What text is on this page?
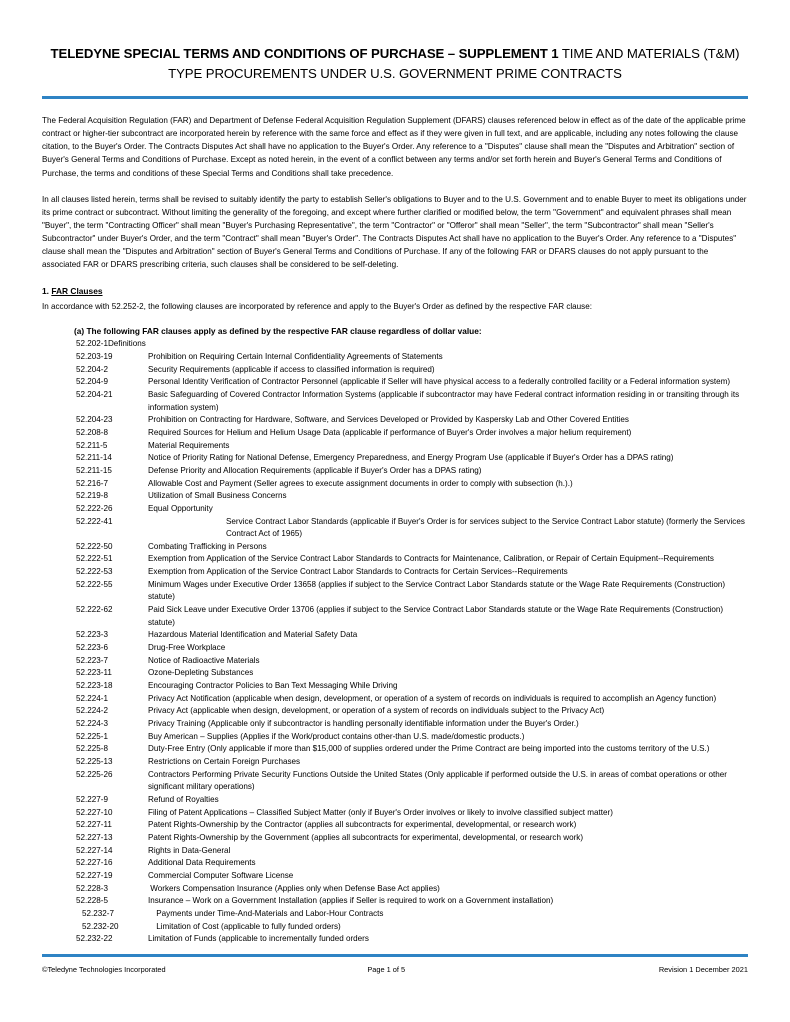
TELEDYNE SPECIAL TERMS AND CONDITIONS OF PURCHASE – SUPPLEMENT 1 TIME AND MATERIALS (T&M) TYPE PROCUREMENTS UNDER U.S. GOVERNMENT PRIME CONTRACTS

The Federal Acquisition Regulation (FAR) and Department of Defense Federal Acquisition Regulation Supplement (DFARS) clauses referenced below in effect as of the date of the applicable prime contract or higher-tier subcontract are incorporated herein by reference with the same force and effect as if they were given in full text, and are applicable, including any notes following the clause citation, to the Buyer's Order. The Contracts Disputes Act shall have no application to the Buyer's Order. Any reference to a "Disputes" clause shall mean the "Disputes and Arbitration" section of Buyer's General Terms and Conditions of Purchase. Except as noted herein, in the event of a conflict between any terms and/or set forth herein and Buyer's General Terms and Conditions of Purchase, the terms and conditions of these Special Terms and Conditions shall take precedence.

In all clauses listed herein, terms shall be revised to suitably identify the party to establish Seller's obligations to Buyer and to the U.S. Government and to enable Buyer to meet its obligations under its prime contract or subcontract. Without limiting the generality of the foregoing, and except where further clarified or modified below, the term "Government" and equivalent phrases shall mean "Buyer", the term "Contracting Officer" shall mean "Buyer's Purchasing Representative", the term "Contractor" or "Offeror" shall mean "Seller", the term "Subcontractor" shall mean "Seller's Subcontractor" under Buyer's Order, and the term "Contract" shall mean "Buyer's Order". The Contracts Disputes Act shall have no application to the Buyer's Order. Any reference to a "Disputes" clause shall mean the "Disputes and Arbitration" section of Buyer's General Terms and Conditions of Purchase. If any of the following FAR or DFARS clauses do not apply pursuant to the associated FAR or DFARS prescribing criteria, such clauses shall be considered to be self-deleting.

1. FAR Clauses
In accordance with 52.252-2, the following clauses are incorporated by reference and apply to the Buyer's Order as defined by the respective FAR clause:
(a) The following FAR clauses apply as defined by the respective FAR clause regardless of dollar value:
52.202-1 Definitions
52.203-19	Prohibition on Requiring Certain Internal Confidentiality Agreements of Statements
52.204-2	Security Requirements (applicable if access to classified information is required)
52.204-9	Personal Identity Verification of Contractor Personnel (applicable if Seller will have physical access to a federally controlled facility or a Federal information system)
52.204-21	Basic Safeguarding of Covered Contractor Information Systems (applicable if subcontractor may have Federal contract information residing in or transiting through its information system)
52.204-23	Prohibition on Contracting for Hardware, Software, and Services Developed or Provided by Kaspersky Lab and Other Covered Entities
52.208-8	Required Sources for Helium and Helium Usage Data (applicable if performance of Buyer's Order involves a major helium requirement)
52.211-5	Material Requirements
52.211-14	Notice of Priority Rating for National Defense, Emergency Preparedness, and Energy Program Use (applicable if Buyer's Order has a DPAS rating)
52.211-15	Defense Priority and Allocation Requirements (applicable if Buyer's Order has a DPAS rating)
52.216-7	Allowable Cost and Payment (Seller agrees to execute assignment documents in order to comply with subsection (h.).)
52.219-8	Utilization of Small Business Concerns
52.222-26	Equal Opportunity
52.222-41	Service Contract Labor Standards (applicable if Buyer's Order is for services subject to the Service Contract Labor statute) (formerly the Services Contract Act of 1965)
52.222-50	Combating Trafficking in Persons
52.222-51	Exemption from Application of the Service Contract Labor Standards to Contracts for Maintenance, Calibration, or Repair of Certain Equipment--Requirements
52.222-53	Exemption from Application of the Service Contract Labor Standards to Contracts for Certain Services--Requirements
52.222-55	Minimum Wages under Executive Order 13658 (applies if subject to the Service Contract Labor Standards statute or the Wage Rate Requirements (Construction) statute)
52.222-62	Paid Sick Leave under Executive Order 13706 (applies if subject to the Service Contract Labor Standards statute or the Wage Rate Requirements (Construction) statute)
52.223-3	Hazardous Material Identification and Material Safety Data
52.223-6	Drug-Free Workplace
52.223-7	Notice of Radioactive Materials
52.223-11	Ozone-Depleting Substances
52.223-18	Encouraging Contractor Policies to Ban Text Messaging While Driving
52.224-1	Privacy Act Notification (applicable when design, development, or operation of a system of records on individuals is required to accomplish an Agency function)
52.224-2	Privacy Act (applicable when design, development, or operation of a system of records on individuals subject to the Privacy Act)
52.224-3	Privacy Training (Applicable only if subcontractor is handling personally identifiable information under the Buyer's Order.)
52.225-1	Buy American – Supplies (Applies if the Work/product contains other-than U.S. made/domestic products.)
52.225-8	Duty-Free Entry (Only applicable if more than $15,000 of supplies ordered under the Prime Contract are being imported into the customs territory of the U.S.)
52.225-13	Restrictions on Certain Foreign Purchases
52.225-26	Contractors Performing Private Security Functions Outside the United States (Only applicable if performed outside the U.S. in areas of combat operations or other significant military operations)
52.227-9	Refund of Royalties
52.227-10	Filing of Patent Applications – Classified Subject Matter (only if Buyer's Order involves or likely to involve classified subject matter)
52.227-11	Patent Rights-Ownership by the Contractor (applies all subcontracts for experimental, developmental, or research work)
52.227-13	Patent Rights-Ownership by the Government (applies all subcontracts for experimental, developmental, or research work)
52.227-14	Rights in Data-General
52.227-16	Additional Data Requirements
52.227-19	Commercial Computer Software License
52.228-3	Workers Compensation Insurance (Applies only when Defense Base Act applies)
52.228-5	Insurance – Work on a Government Installation (applies if Seller is required to work on a Government installation)
52.232-7	Payments under Time-And-Materials and Labor-Hour Contracts
52.232-20	Limitation of Cost (applicable to fully funded orders)
52.232-22	Limitation of Funds (applicable to incrementally funded orders
©Teledyne Technologies Incorporated	Page 1 of 5	Revision 1 December 2021
